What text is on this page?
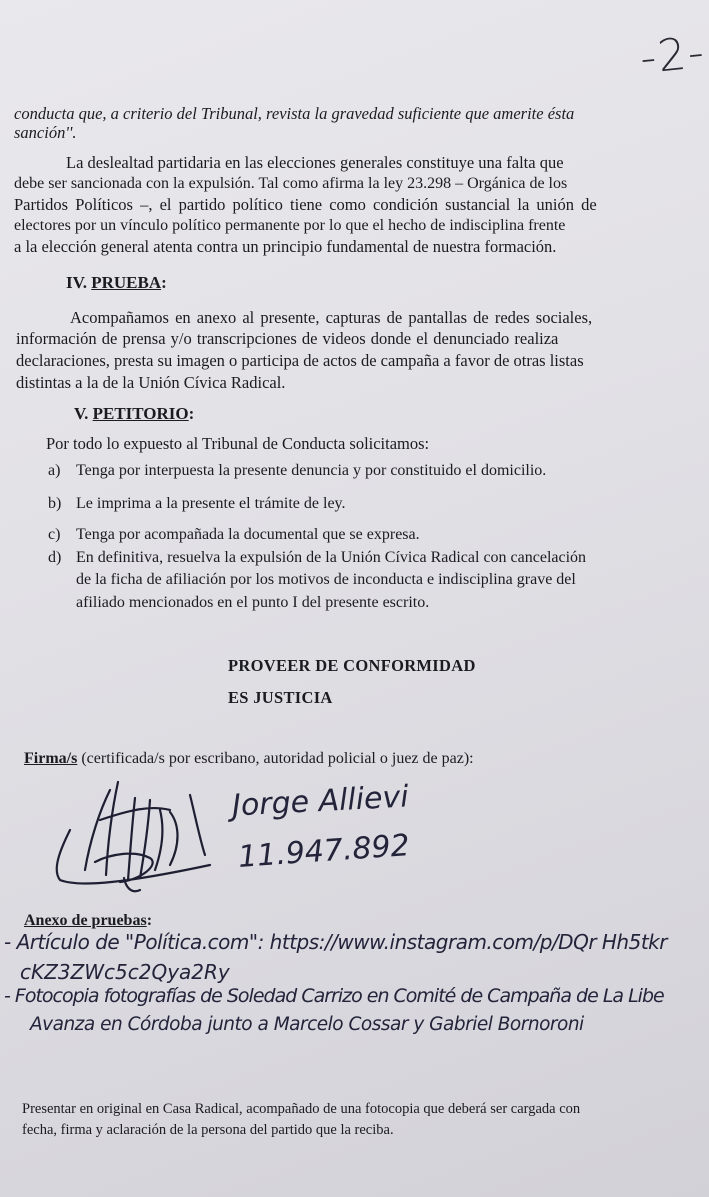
-2-
conducta que, a criterio del Tribunal, revista la gravedad suficiente que amerite ésta
sanción''.
La deslealtad partidaria en las elecciones generales constituye una falta que
debe ser sancionada con la expulsión. Tal como afirma la ley 23.298 – Orgánica de los
Partidos Políticos –, el partido político tiene como condición sustancial la unión de
electores por un vínculo político permanente por lo que el hecho de indisciplina frente
a la elección general atenta contra un principio fundamental de nuestra formación.
IV. PRUEBA:
Acompañamos en anexo al presente, capturas de pantallas de redes sociales,
información de prensa y/o transcripciones de videos donde el denunciado realiza
declaraciones, presta su imagen o participa de actos de campaña a favor de otras listas
distintas a la de la Unión Cívica Radical.
V. PETITORIO:
Por todo lo expuesto al Tribunal de Conducta solicitamos:
a) Tenga por interpuesta la presente denuncia y por constituido el domicilio.
b) Le imprima a la presente el trámite de ley.
c) Tenga por acompañada la documental que se expresa.
d) En definitiva, resuelva la expulsión de la Unión Cívica Radical con cancelación
de la ficha de afiliación por los motivos de inconducta e indisciplina grave del
afiliado mencionados en el punto I del presente escrito.
PROVEER DE CONFORMIDAD
ES JUSTICIA
Firma/s (certificada/s por escribano, autoridad policial o juez de paz):
Jorge Allievi
11.947.892
Anexo de pruebas:
- Artículo de "Política.com": https://www.instagram.com/p/DQr Hh5tkr
cKZ3ZWc5c2Qya2Ry
- Fotocopia fotografías de Soledad Carrizo en Comité de Campaña de La Libe
Avanza en Córdoba junto a Marcelo Cossar y Gabriel Bornoroni
Presentar en original en Casa Radical, acompañado de una fotocopia que deberá ser cargada con
fecha, firma y aclaración de la persona del partido que la reciba.
